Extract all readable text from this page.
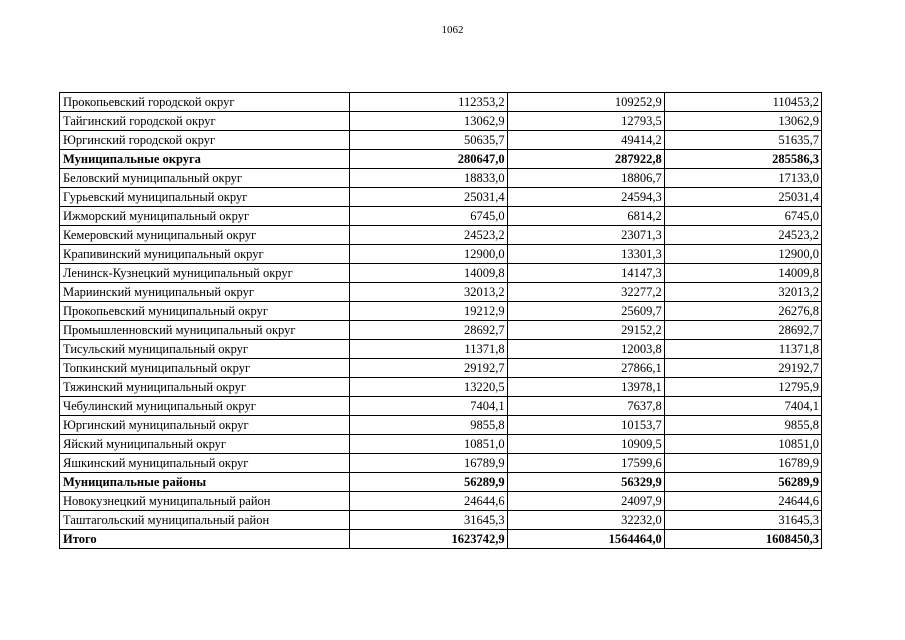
1062
Прокопьевский городской округ	112353,2	109252,9	110453,2
Тайгинский городской округ	13062,9	12793,5	13062,9
Юргинский городской округ	50635,7	49414,2	51635,7
Муниципальные округа	280647,0	287922,8	285586,3
Беловский муниципальный округ	18833,0	18806,7	17133,0
Гурьевский муниципальный округ	25031,4	24594,3	25031,4
Ижморский муниципальный округ	6745,0	6814,2	6745,0
Кемеровский муниципальный округ	24523,2	23071,3	24523,2
Крапивинский муниципальный округ	12900,0	13301,3	12900,0
Ленинск-Кузнецкий муниципальный округ	14009,8	14147,3	14009,8
Мариинский муниципальный округ	32013,2	32277,2	32013,2
Прокопьевский муниципальный округ	19212,9	25609,7	26276,8
Промышленновский муниципальный округ	28692,7	29152,2	28692,7
Тисульский муниципальный округ	11371,8	12003,8	11371,8
Топкинский муниципальный округ	29192,7	27866,1	29192,7
Тяжинский муниципальный округ	13220,5	13978,1	12795,9
Чебулинский муниципальный округ	7404,1	7637,8	7404,1
Юргинский муниципальный округ	9855,8	10153,7	9855,8
Яйский муниципальный округ	10851,0	10909,5	10851,0
Яшкинский муниципальный округ	16789,9	17599,6	16789,9
Муниципальные районы	56289,9	56329,9	56289,9
Новокузнецкий муниципальный район	24644,6	24097,9	24644,6
Таштагольский муниципальный район	31645,3	32232,0	31645,3
Итого	1623742,9	1564464,0	1608450,3
